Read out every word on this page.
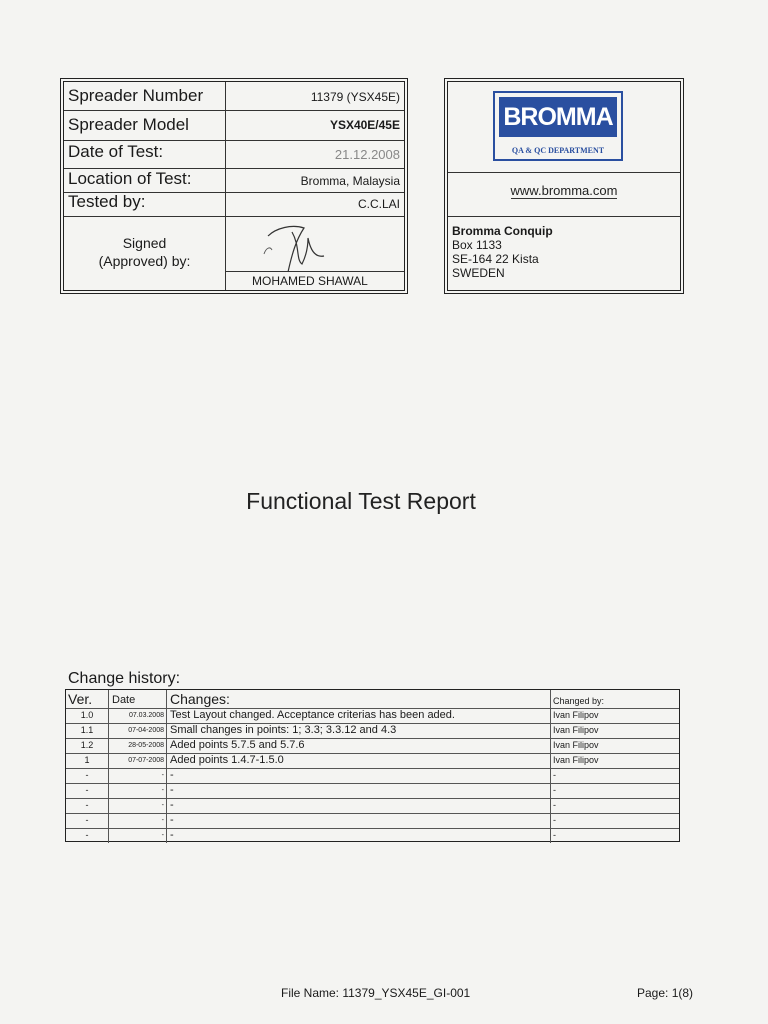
Spreader Number	11379 (YSX45E)
Spreader Model	YSX40E/45E
Date of Test:	21.12.2008
Location of Test:	Bromma, Malaysia
Tested by:	C.C.LAI
Signed
(Approved) by:
MOHAMED SHAWAL
BROMMA
QA & QC DEPARTMENT
www.bromma.com
Bromma Conquip
Box 1133
SE-164 22 Kista
SWEDEN
Functional Test Report
Change history:
Ver.	Date	Changes:	Changed by:
1.0	07.03.2008 Test Layout changed. Acceptance criterias has been aded.	Ivan Filipov
1.1	07-04-2008 Small changes in points: 1; 3.3; 3.3.12 and 4.3	Ivan Filipov
1.2	28-05-2008 Aded points 5.7.5 and 5.7.6	Ivan Filipov
1	07-07-2008 Aded points 1.4.7-1.5.0	Ivan Filipov
-	- -	-
-	- -	-
-	- -	-
-	- -	-
-	- -	-
File Name: 11379_YSX45E_GI-001	Page: 1(8)
